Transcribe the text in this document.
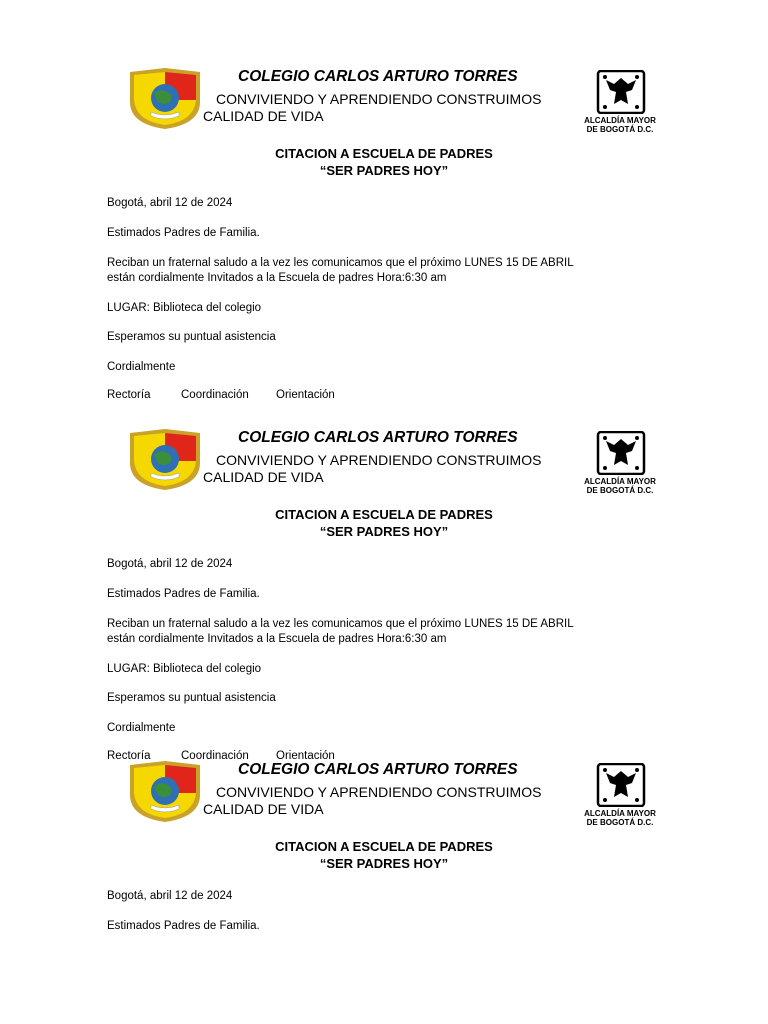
COLEGIO CARLOS ARTURO TORRES
CONVIVIENDO Y APRENDIENDO CONSTRUIMOS
CALIDAD DE VIDA	ALCALDÍA MAYOR
DE BOGOTÁ D.C.
CITACION A ESCUELA DE PADRES
“SER PADRES HOY”
Bogotá, abril 12 de 2024
Estimados Padres de Familia.
Reciban un fraternal saludo a la vez les comunicamos que el próximo LUNES 15 DE ABRIL
están cordialmente Invitados a la Escuela de padres Hora:6:30 am
LUGAR: Biblioteca del colegio
Esperamos su puntual asistencia
Cordialmente
Rectoría	Coordinación Orientación
COLEGIO CARLOS ARTURO TORRES
CONVIVIENDO Y APRENDIENDO CONSTRUIMOS
CALIDAD DE VIDA	ALCALDÍA MAYOR
DE BOGOTÁ D.C.
CITACION A ESCUELA DE PADRES
“SER PADRES HOY”
Bogotá, abril 12 de 2024
Estimados Padres de Familia.
Reciban un fraternal saludo a la vez les comunicamos que el próximo LUNES 15 DE ABRIL
están cordialmente Invitados a la Escuela de padres Hora:6:30 am
LUGAR: Biblioteca del colegio
Esperamos su puntual asistencia
Cordialmente
Rectoría	Coordinación Orientación
COLEGIO CARLOS ARTURO TORRES
CONVIVIENDO Y APRENDIENDO CONSTRUIMOS
CALIDAD DE VIDA	ALCALDÍA MAYOR
DE BOGOTÁ D.C.
CITACION A ESCUELA DE PADRES
“SER PADRES HOY”
Bogotá, abril 12 de 2024
Estimados Padres de Familia.
